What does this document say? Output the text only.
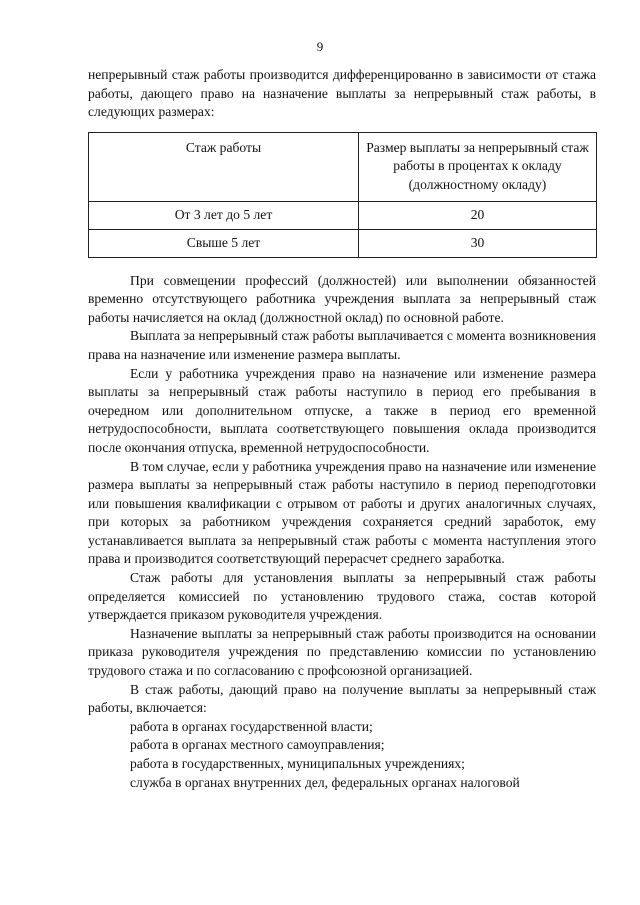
9

непрерывный стаж работы производится дифференцированно в зависимости от стажа работы, дающего право на назначение выплаты за непрерывный стаж работы, в следующих размерах:

Стаж работы	Размер выплаты за непрерывный стаж работы в процентах к окладу (должностному окладу)
От 3 лет до 5 лет	20
Свыше 5 лет	30

При совмещении профессий (должностей) или выполнении обязанностей временно отсутствующего работника учреждения выплата за непрерывный стаж работы начисляется на оклад (должностной оклад) по основной работе.

Выплата за непрерывный стаж работы выплачивается с момента возникновения права на назначение или изменение размера выплаты.

Если у работника учреждения право на назначение или изменение размера выплаты за непрерывный стаж работы наступило в период его пребывания в очередном или дополнительном отпуске, а также в период его временной нетрудоспособности, выплата соответствующего повышения оклада производится после окончания отпуска, временной нетрудоспособности.

В том случае, если у работника учреждения право на назначение или изменение размера выплаты за непрерывный стаж работы наступило в период переподготовки или повышения квалификации с отрывом от работы и других аналогичных случаях, при которых за работником учреждения сохраняется средний заработок, ему устанавливается выплата за непрерывный стаж работы с момента наступления этого права и производится соответствующий перерасчет среднего заработка.

Стаж работы для установления выплаты за непрерывный стаж работы определяется комиссией по установлению трудового стажа, состав которой утверждается приказом руководителя учреждения.

Назначение выплаты за непрерывный стаж работы производится на основании приказа руководителя учреждения по представлению комиссии по установлению трудового стажа и по согласованию с профсоюзной организацией.

В стаж работы, дающий право на получение выплаты за непрерывный стаж работы, включается:

работа в органах государственной власти;

работа в органах местного самоуправления;

работа в государственных, муниципальных учреждениях;

служба в органах внутренних дел, федеральных органах налоговой
